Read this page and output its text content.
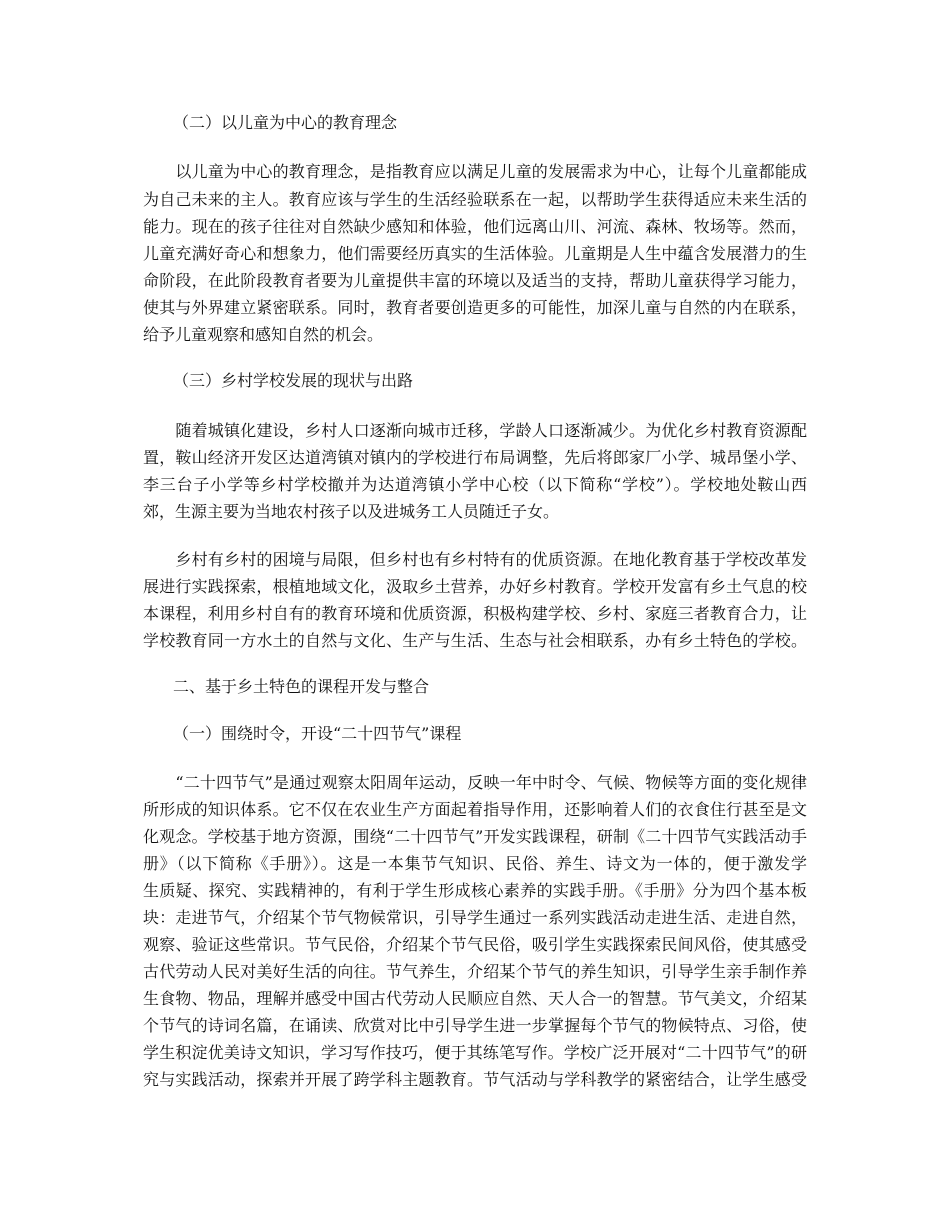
（二）以儿童为中心的教育理念

　　以儿童为中心的教育理念，是指教育应以满足儿童的发展需求为中心，让每个儿童都能成

为自己未来的主人。教育应该与学生的生活经验联系在一起，以帮助学生获得适应未来生活的

能力。现在的孩子往往对自然缺少感知和体验，他们远离山川、河流、森林、牧场等。然而，

儿童充满好奇心和想象力，他们需要经历真实的生活体验。儿童期是人生中蕴含发展潜力的生

命阶段，在此阶段教育者要为儿童提供丰富的环境以及适当的支持，帮助儿童获得学习能力，

使其与外界建立紧密联系。同时，教育者要创造更多的可能性，加深儿童与自然的内在联系，

给予儿童观察和感知自然的机会。

（三）乡村学校发展的现状与出路

　　随着城镇化建设，乡村人口逐渐向城市迁移，学龄人口逐渐减少。为优化乡村教育资源配

置，鞍山经济开发区达道湾镇对镇内的学校进行布局调整，先后将郎家厂小学、城昂堡小学、

李三台子小学等乡村学校撤并为达道湾镇小学中心校（以下简称“学校”）。学校地处鞍山西

郊，生源主要为当地农村孩子以及进城务工人员随迁子女。

　　乡村有乡村的困境与局限，但乡村也有乡村特有的优质资源。在地化教育基于学校改革发

展进行实践探索，根植地域文化，汲取乡土营养，办好乡村教育。学校开发富有乡土气息的校

本课程，利用乡村自有的教育环境和优质资源，积极构建学校、乡村、家庭三者教育合力，让

学校教育同一方水土的自然与文化、生产与生活、生态与社会相联系，办有乡土特色的学校。

二、基于乡土特色的课程开发与整合

（一）围绕时令，开设“二十四节气”课程

　　“二十四节气”是通过观察太阳周年运动，反映一年中时令、气候、物候等方面的变化规律

所形成的知识体系。它不仅在农业生产方面起着指导作用，还影响着人们的衣食住行甚至是文

化观念。学校基于地方资源，围绕“二十四节气”开发实践课程，研制《二十四节气实践活动手

册》（以下简称《手册》）。这是一本集节气知识、民俗、养生、诗文为一体的，便于激发学

生质疑、探究、实践精神的，有利于学生形成核心素养的实践手册。《手册》分为四个基本板

块：走进节气，介绍某个节气物候常识，引导学生通过一系列实践活动走进生活、走进自然，

观察、验证这些常识。节气民俗，介绍某个节气民俗，吸引学生实践探索民间风俗，使其感受

古代劳动人民对美好生活的向往。节气养生，介绍某个节气的养生知识，引导学生亲手制作养

生食物、物品，理解并感受中国古代劳动人民顺应自然、天人合一的智慧。节气美文，介绍某

个节气的诗词名篇，在诵读、欣赏对比中引导学生进一步掌握每个节气的物候特点、习俗，使

学生积淀优美诗文知识，学习写作技巧，便于其练笔写作。学校广泛开展对“二十四节气”的研

究与实践活动，探索并开展了跨学科主题教育。节气活动与学科教学的紧密结合，让学生感受
